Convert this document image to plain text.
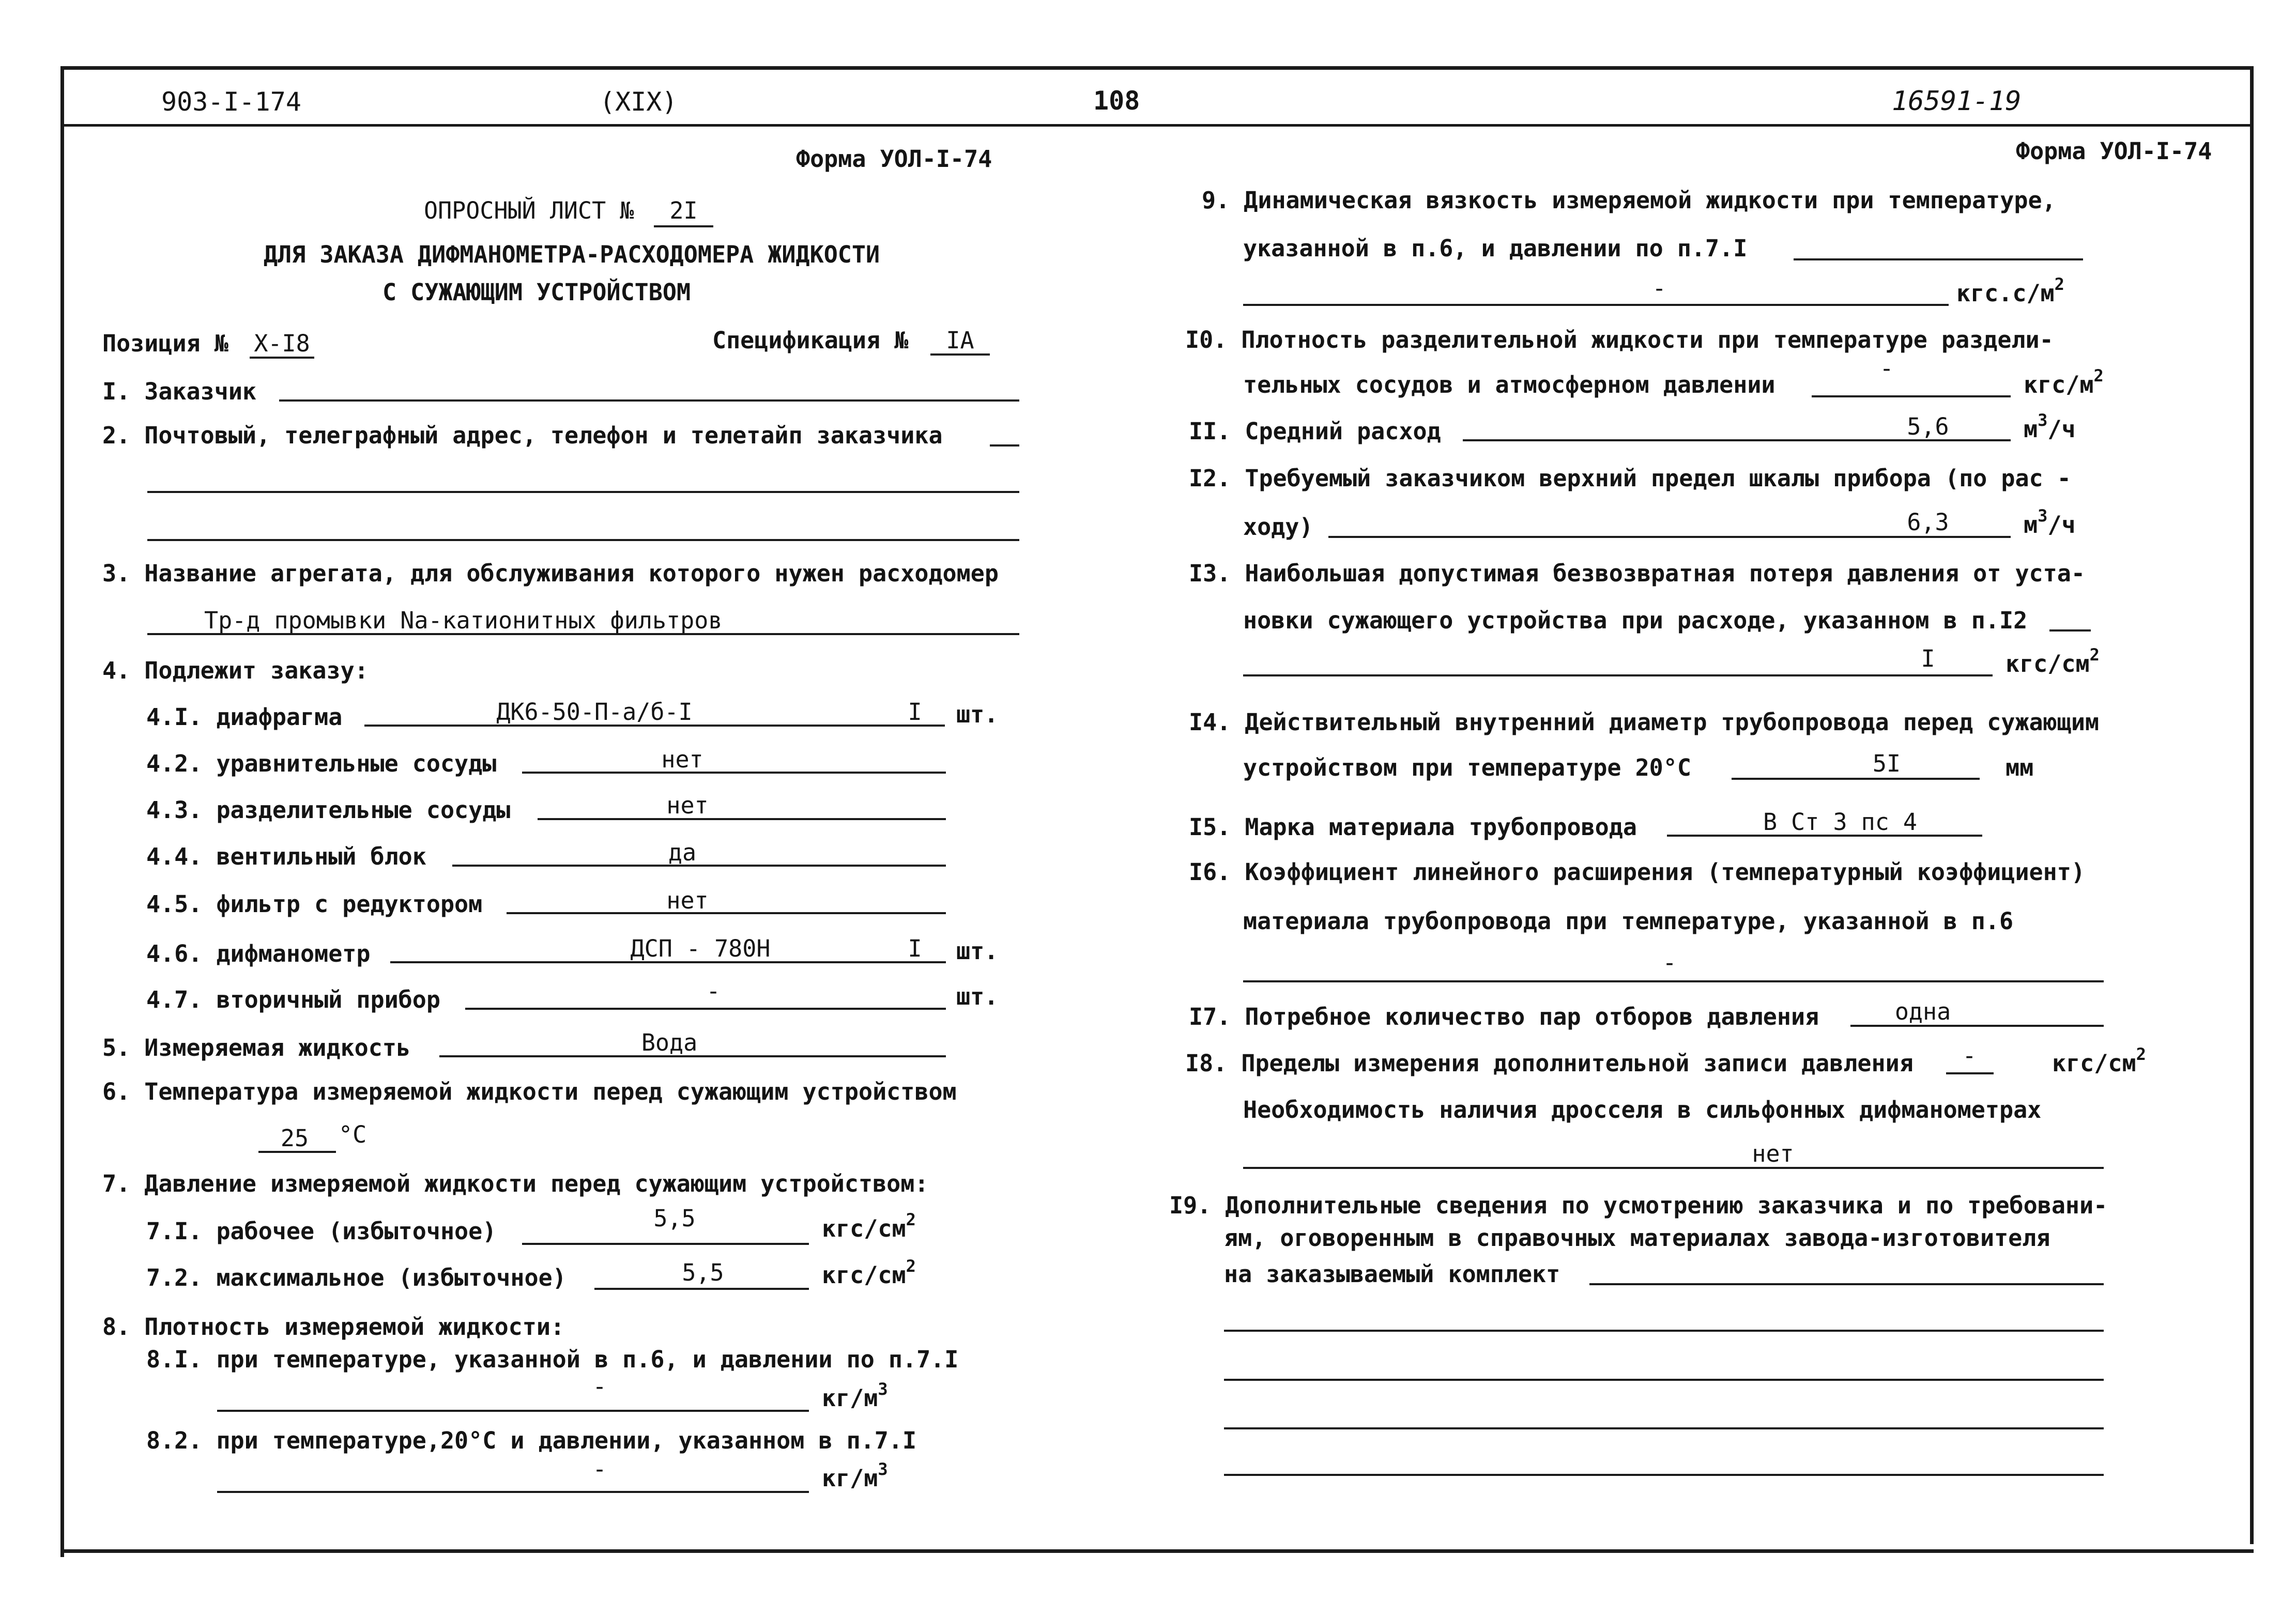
903-I-174	(XIX)	108	16591-19
Форма УОЛ-I-74
ОПРОСНЫЙ ЛИСТ №	2I
ДЛЯ ЗАКАЗА ДИФМАНОМЕТРА-РАСХОДОМЕРА ЖИДКОСТИ
С СУЖАЮЩИМ УСТРОЙСТВОМ
Позиция № Х-I8	Спецификация №	IA
I. Заказчик
2. Почтовый, телеграфный адрес, телефон и телетайп заказчика
3. Название агрегата, для обслуживания которого нужен расходомер
Тр-д промывки Na-катионитных фильтров
4. Подлежит заказу:
4.I. диафрагма	ДК6-50-П-а/б-I	I	шт.
4.2. уравнительные сосуды	нет
4.3. разделительные сосуды	нет
4.4. вентильный блок	да
4.5. фильтр с редуктором	нет
4.6. дифманометр	ДСП - 780Н	I	шт.
4.7. вторичный прибор	-	шт.
5. Измеряемая жидкость	Вода
6. Температура измеряемой жидкости перед сужающим устройством
25	°C
7. Давление измеряемой жидкости перед сужающим устройством:
7.I. рабочее (избыточное)	5,5	кгс/$см^2$
7.2. максимальное (избыточное)	5,5	кгс/$см^2$
8. Плотность измеряемой жидкости:
8.I. при температуре, указанной в п.6, и давлении по п.7.I
-	$кг/м^3$
8.2. при температуре,20°С и давлении, указанном в п.7.I
-	$кг/м^3$
Форма УОЛ-I-74
9. Динамическая вязкость измеряемой жидкости при температуре,
указанной в п.6, и давлении по п.7.I
-	$кгс.с/м^2$
I0. Плотность разделительной жидкости при температуре раздели-
тельных сосудов и атмосферном давлении
-
кгс/$м^2$
II. Средний расход	5,6	$м^3/ч$
I2. Требуемый заказчиком верхний предел шкалы прибора (по рас -
ходу)	6,3	$м^3/ч$
I3. Наибольшая допустимая безвозвратная потеря давления от уста-
новки сужающего устройства при расходе, указанном в п.I2
I	кгс/$см^2$
I4. Действительный внутренний диаметр трубопровода перед сужающим
устройством при температуре 20°С	5I	мм
I5. Марка материала трубопровода	В Ст 3 пс 4
I6. Коэффициент линейного расширения (температурный коэффициент)
материала трубопровода при температуре, указанной в п.6
-
I7. Потребное количество пар отборов давления	одна
I8. Пределы измерения дополнительной записи давления	-	кгс/$см^2$
Необходимость наличия дросселя в сильфонных дифманометрах
нет
I9. Дополнительные сведения по усмотрению заказчика и по требовани-
ям, оговоренным в справочных материалах завода-изготовителя
на заказываемый комплект
